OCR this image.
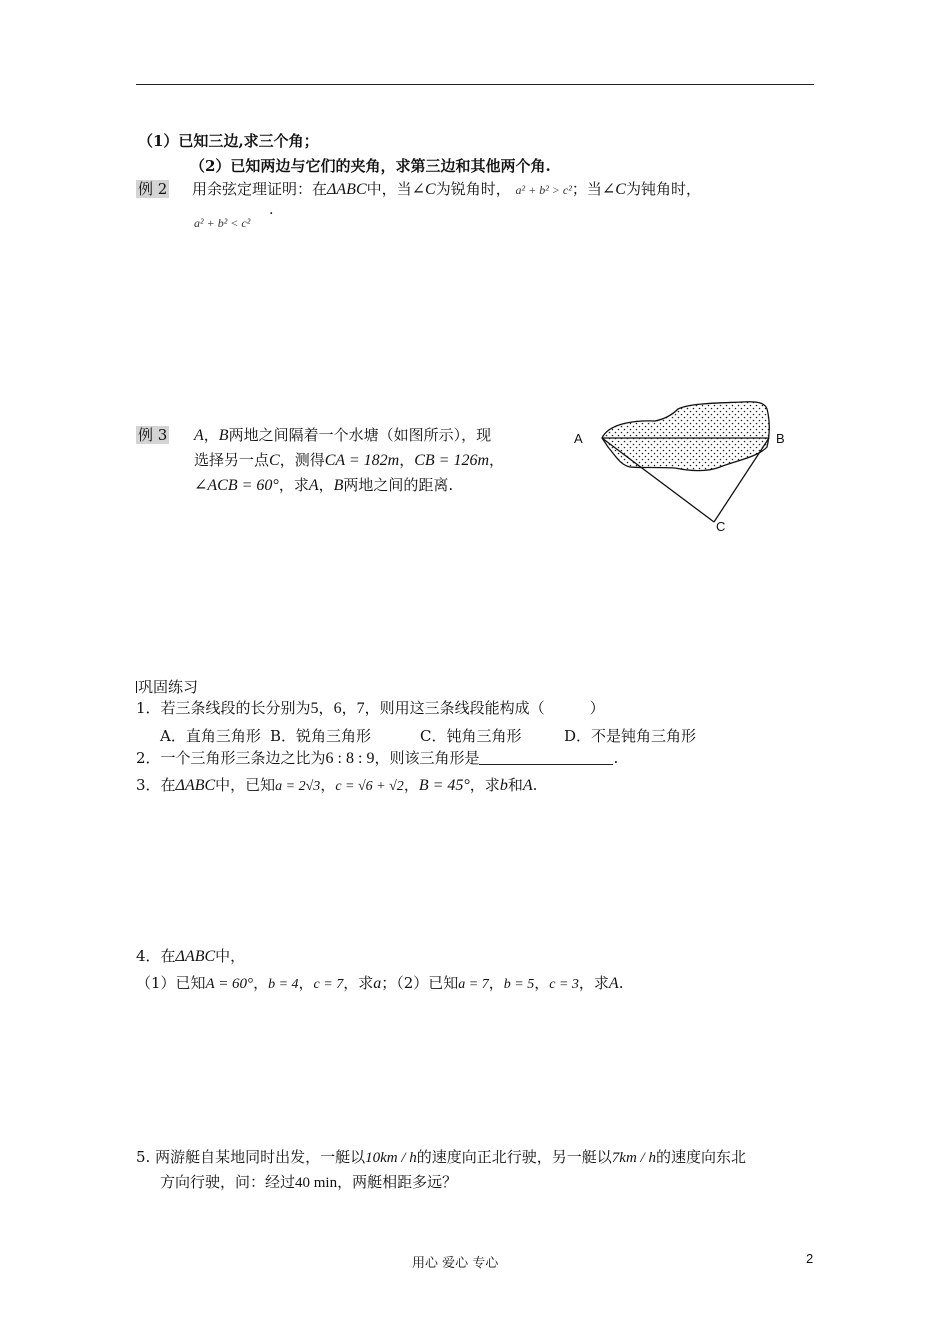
（1）已知三边,求三个角；
（2）已知两边与它们的夹角，求第三边和其他两个角.
例 2 用余弦定理证明：在ΔABC中，当∠C为锐角时， a² + b² > c²；当∠C为钝角时，
a² + b² < c²
.
例 3 A，B两地之间隔着一个水塘（如图所示），现
选择另一点C，测得CA = 182m，CB = 126m，
∠ACB = 60°，求A，B两地之间的距离.
A	B
C
巩固练习
1．若三条线段的长分别为5，6，7，则用这三条线段能构成（　　　）
A．直角三角形 B．锐角三角形	C．钝角三角形	D．不是钝角三角形
2．一个三角形三条边之比为6 : 8 : 9，则该三角形是	.
3．在ΔABC中，已知a = 2√3，c = √6 + √2，B = 45°，求b和A.
4．在ΔABC中，
（1）已知A = 60°，b = 4，c = 7，求a；（2）已知a = 7，b = 5，c = 3，求A.
5. 两游艇自某地同时出发，一艇以10km / h的速度向正北行驶，另一艇以7km / h的速度向东北
方向行驶，问：经过40 min，两艇相距多远？
用心 爱心 专心	2
